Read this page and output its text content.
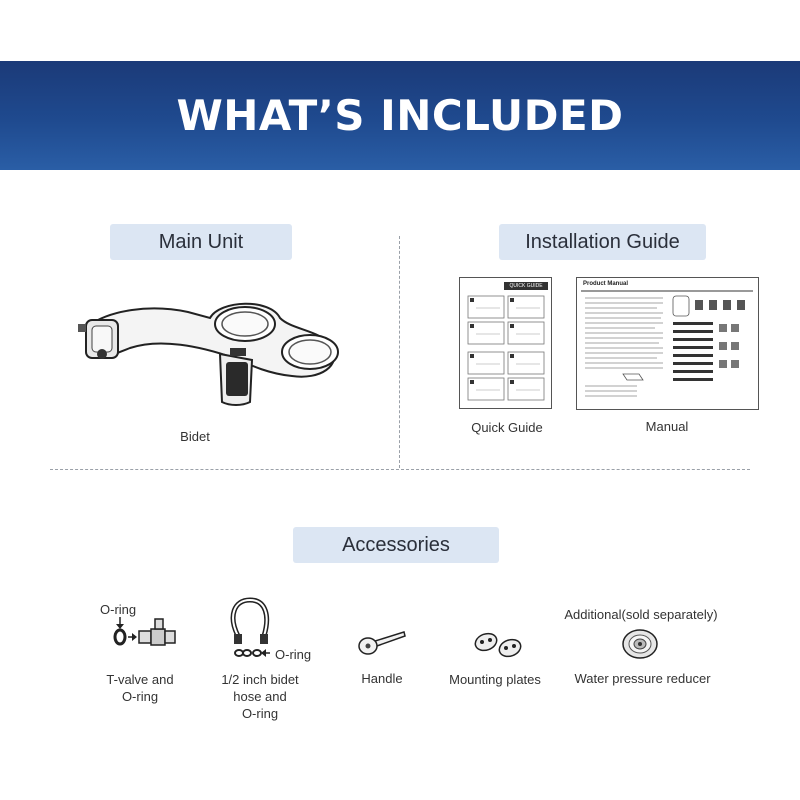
WHAT’S INCLUDED
Main Unit	Installation Guide
Accessories
Bidet
QUICK GUIDE
Quick Guide
Product Manual
Manual
O-ring
T-valve and
O-ring
O-ring
1/2 inch bidet
hose and
O-ring
Handle	Mounting plates
Additional(sold separately)
Water pressure reducer
